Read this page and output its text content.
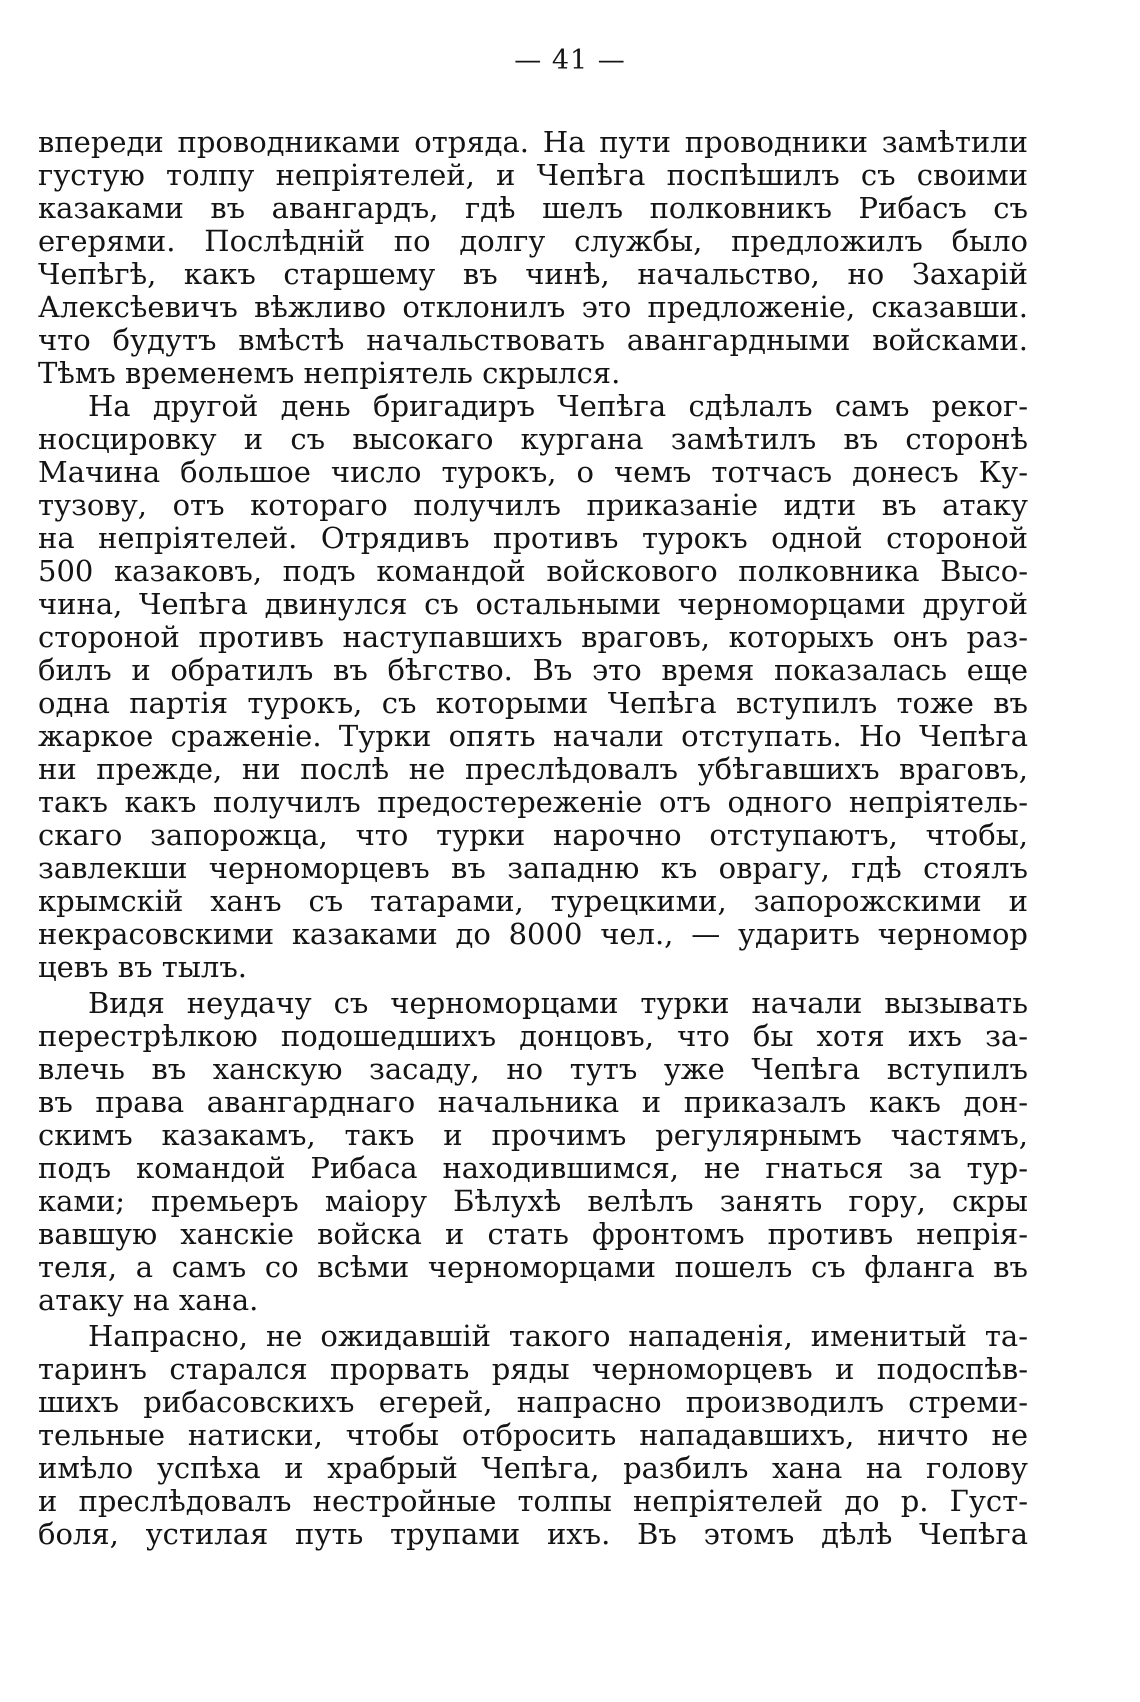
— 41 —
впереди проводниками отряда. На пути проводники замѣтили
густую толпу непріятелей, и Чепѣга поспѣшилъ съ своими
казаками въ авангардъ, гдѣ шелъ полковникъ Рибасъ съ
егерями. Послѣдній по долгу службы, предложилъ было
Чепѣгѣ, какъ старшему въ чинѣ, начальство, но Захарій
Алексѣевичъ вѣжливо отклонилъ это предложеніе, сказавши.
что будутъ вмѣстѣ начальствовать авангардными войсками.
Тѣмъ временемъ непріятель скрылся.
На другой день бригадиръ Чепѣга сдѣлалъ самъ реког-
носцировку и съ высокаго кургана замѣтилъ въ сторонѣ
Мачина большое число турокъ, о чемъ тотчасъ донесъ Ку-
тузову, отъ котораго получилъ приказаніе идти въ атаку
на непріятелей. Отрядивъ противъ турокъ одной стороной
500 казаковъ, подъ командой войскового полковника Высо-
чина, Чепѣга двинулся съ остальными черноморцами другой
стороной противъ наступавшихъ враговъ, которыхъ онъ раз-
билъ и обратилъ въ бѣгство. Въ это время показалась еще
одна партія турокъ, съ которыми Чепѣга вступилъ тоже въ
жаркое сраженіе. Турки опять начали отступать. Но Чепѣга
ни прежде, ни послѣ не преслѣдовалъ убѣгавшихъ враговъ,
такъ какъ получилъ предостереженіе отъ одного непріятель-
скаго запорожца, что турки нарочно отступаютъ, чтобы,
завлекши черноморцевъ въ западню къ оврагу, гдѣ стоялъ
крымскій ханъ съ татарами, турецкими, запорожскими и
некрасовскими казаками до 8000 чел., — ударить черномор
цевъ въ тылъ.
Видя неудачу съ черноморцами турки начали вызывать
перестрѣлкою подошедшихъ донцовъ, что бы хотя ихъ за-
влечь въ ханскую засаду, но тутъ уже Чепѣга вступилъ
въ права авангарднаго начальника и приказалъ какъ дон-
скимъ казакамъ, такъ и прочимъ регулярнымъ частямъ,
подъ командой Рибаса находившимся, не гнаться за тур-
ками; премьеръ маіору Бѣлухѣ велѣлъ занять гору, скры
вавшую ханскіе войска и стать фронтомъ противъ непрія-
теля, а самъ со всѣми черноморцами пошелъ съ фланга въ
атаку на хана.
Напрасно, не ожидавшій такого нападенія, именитый та-
таринъ старался прорвать ряды черноморцевъ и подоспѣв-
шихъ рибасовскихъ егерей, напрасно производилъ стреми-
тельные натиски, чтобы отбросить нападавшихъ, ничто не
имѣло успѣха и храбрый Чепѣга, разбилъ хана на голову
и преслѣдовалъ нестройные толпы непріятелей до р. Густ-
боля, устилая путь трупами ихъ. Въ этомъ дѣлѣ Чепѣга
